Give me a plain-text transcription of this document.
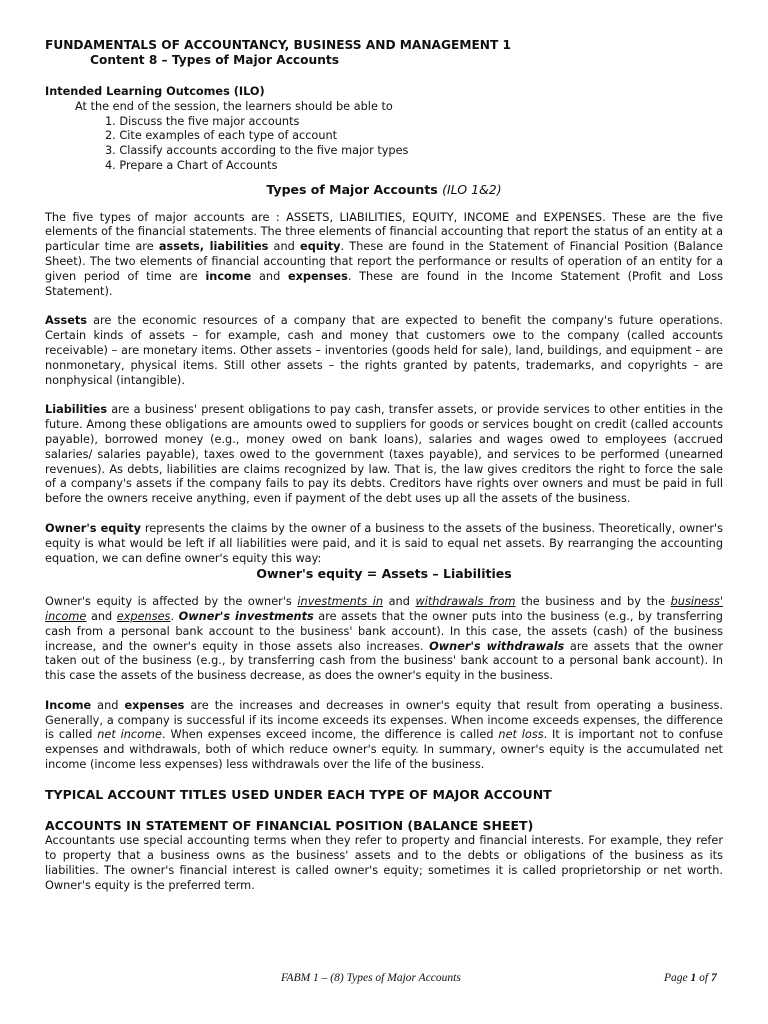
FUNDAMENTALS OF ACCOUNTANCY, BUSINESS AND MANAGEMENT 1
Content 8 – Types of Major Accounts
Intended Learning Outcomes (ILO)
At the end of the session, the learners should be able to
1. Discuss the five major accounts
2. Cite examples of each type of account
3. Classify accounts according to the five major types
4. Prepare a Chart of Accounts
Types of Major Accounts (ILO 1&2)

The five types of major accounts are : ASSETS, LIABILITIES, EQUITY, INCOME and EXPENSES. These are the five elements of the financial statements. The three elements of financial accounting that report the status of an entity at a particular time are assets, liabilities and equity. These are found in the Statement of Financial Position (Balance Sheet). The two elements of financial accounting that report the performance or results of operation of an entity for a given period of time are income and expenses. These are found in the Income Statement (Profit and Loss Statement).

Assets are the economic resources of a company that are expected to benefit the company's future operations. Certain kinds of assets – for example, cash and money that customers owe to the company (called accounts receivable) – are monetary items. Other assets – inventories (goods held for sale), land, buildings, and equipment – are nonmonetary, physical items. Still other assets – the rights granted by patents, trademarks, and copyrights – are nonphysical (intangible).

Liabilities are a business' present obligations to pay cash, transfer assets, or provide services to other entities in the future. Among these obligations are amounts owed to suppliers for goods or services bought on credit (called accounts payable), borrowed money (e.g., money owed on bank loans), salaries and wages owed to employees (accrued salaries/ salaries payable), taxes owed to the government (taxes payable), and services to be performed (unearned revenues). As debts, liabilities are claims recognized by law. That is, the law gives creditors the right to force the sale of a company's assets if the company fails to pay its debts. Creditors have rights over owners and must be paid in full before the owners receive anything, even if payment of the debt uses up all the assets of the business.

Owner's equity represents the claims by the owner of a business to the assets of the business. Theoretically, owner's equity is what would be left if all liabilities were paid, and it is said to equal net assets. By rearranging the accounting equation, we can define owner's equity this way:

Owner's equity = Assets – Liabilities

Owner's equity is affected by the owner's investments in and withdrawals from the business and by the business' income and expenses. Owner's investments are assets that the owner puts into the business (e.g., by transferring cash from a personal bank account to the business' bank account). In this case, the assets (cash) of the business increase, and the owner's equity in those assets also increases. Owner's withdrawals are assets that the owner taken out of the business (e.g., by transferring cash from the business' bank account to a personal bank account). In this case the assets of the business decrease, as does the owner's equity in the business.

Income and expenses are the increases and decreases in owner's equity that result from operating a business. Generally, a company is successful if its income exceeds its expenses. When income exceeds expenses, the difference is called net income. When expenses exceed income, the difference is called net loss. It is important not to confuse expenses and withdrawals, both of which reduce owner's equity. In summary, owner's equity is the accumulated net income (income less expenses) less withdrawals over the life of the business.

TYPICAL ACCOUNT TITLES USED UNDER EACH TYPE OF MAJOR ACCOUNT
ACCOUNTS IN STATEMENT OF FINANCIAL POSITION (BALANCE SHEET)

Accountants use special accounting terms when they refer to property and financial interests. For example, they refer to property that a business owns as the business' assets and to the debts or obligations of the business as its liabilities. The owner's financial interest is called owner's equity; sometimes it is called proprietorship or net worth. Owner's equity is the preferred term.

FABM 1 – (8) Types of Major Accounts	Page 1 of 7
